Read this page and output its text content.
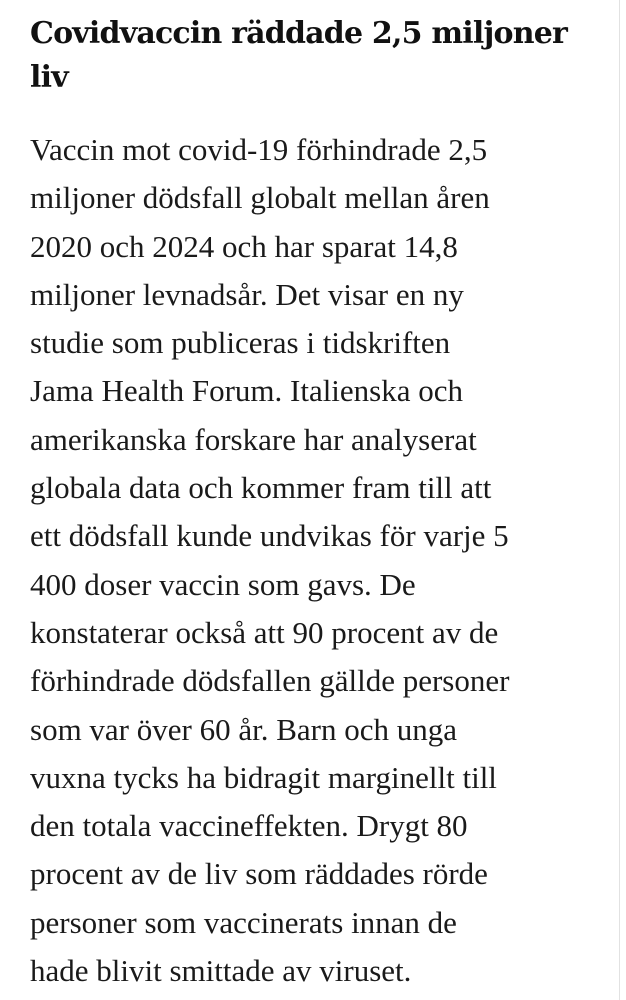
Covidvaccin räddade 2,5 miljoner
liv

Vaccin mot covid-19 förhindrade 2,5
miljoner dödsfall globalt mellan åren
2020 och 2024 och har sparat 14,8
miljoner levnadsår. Det visar en ny
studie som publiceras i tidskriften
Jama Health Forum. Italienska och
amerikanska forskare har analyserat
globala data och kommer fram till att
ett dödsfall kunde undvikas för varje 5
400 doser vaccin som gavs. De
konstaterar också att 90 procent av de
förhindrade dödsfallen gällde personer
som var över 60 år. Barn och unga
vuxna tycks ha bidragit marginellt till
den totala vaccineffekten. Drygt 80
procent av de liv som räddades rörde
personer som vaccinerats innan de
hade blivit smittade av viruset.
